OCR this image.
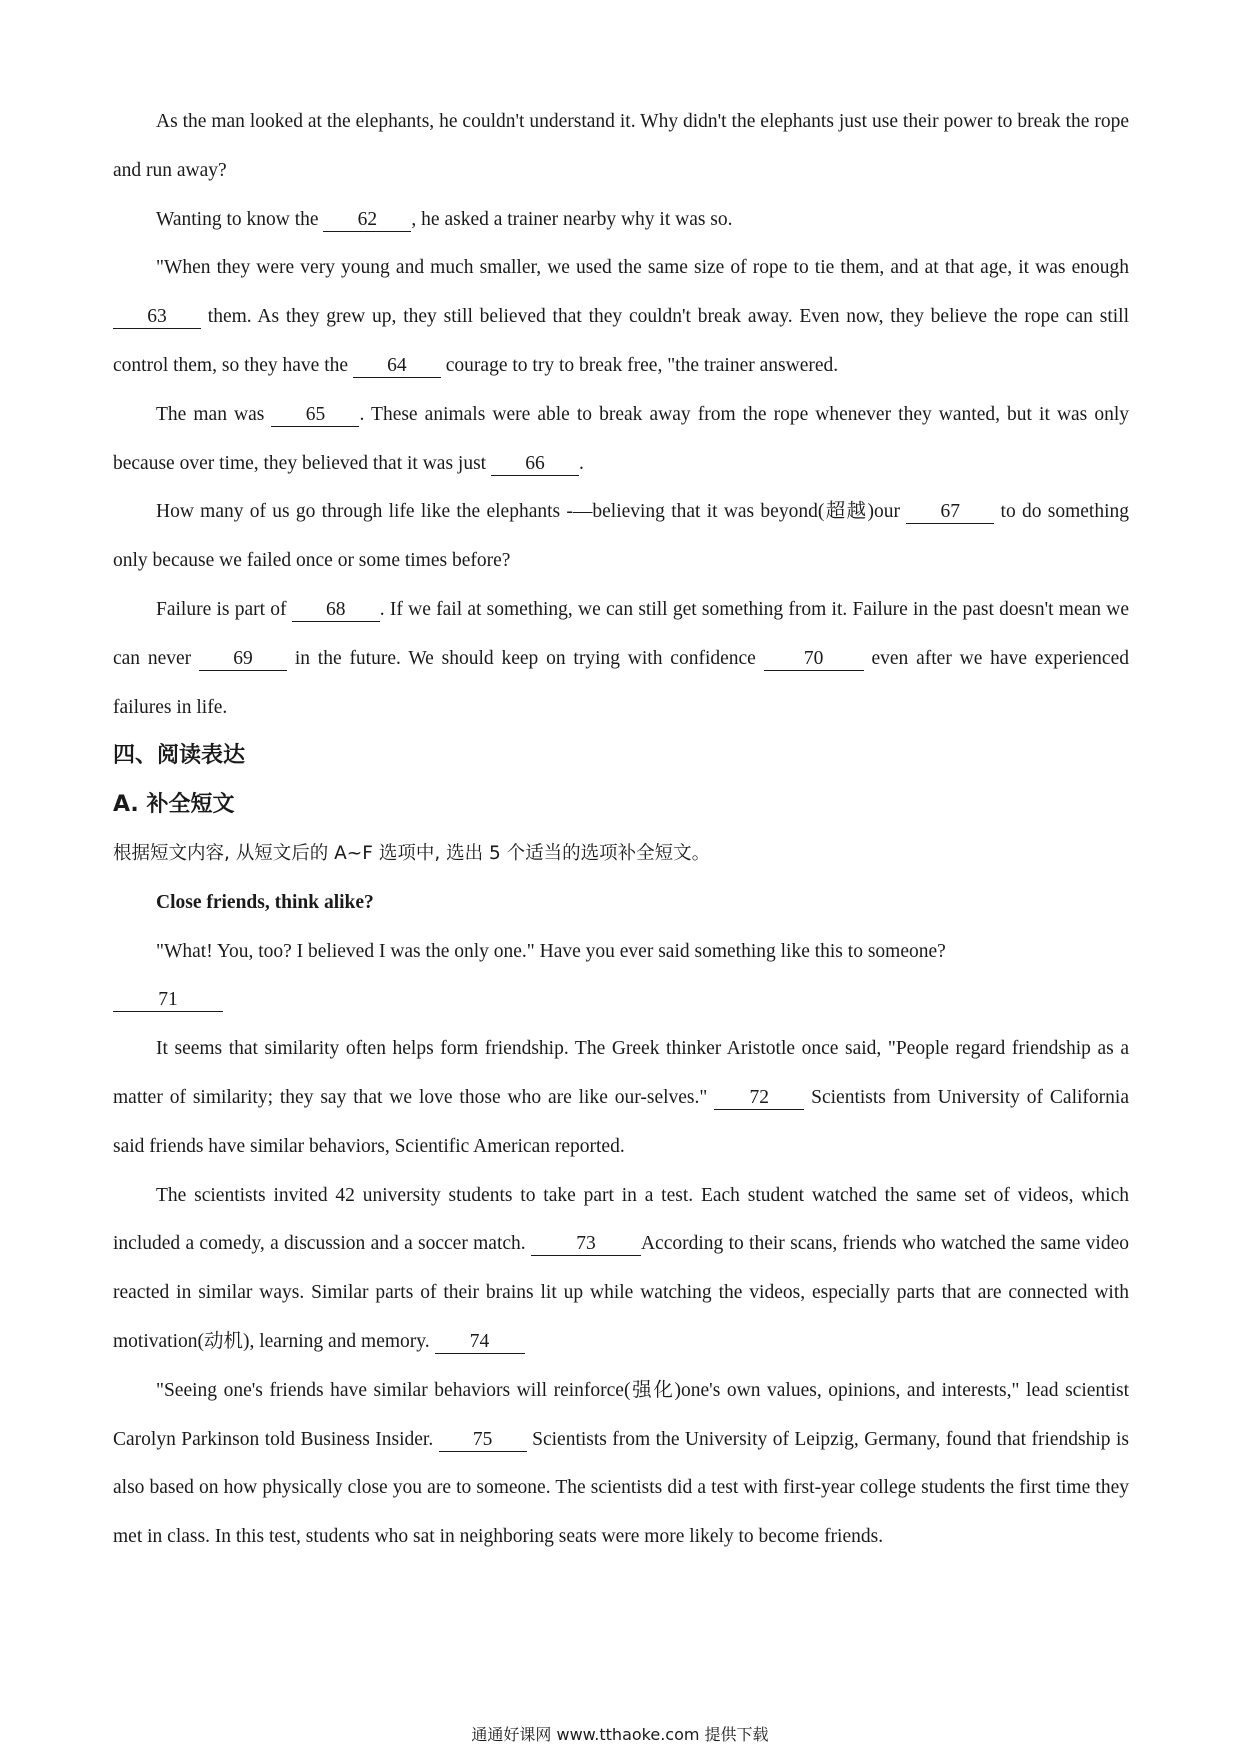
As the man looked at the elephants, he couldn't understand it. Why didn't the elephants just use their power to break the rope and run away?

Wanting to know the 62 , he asked a trainer nearby why it was so.

"When they were very young and much smaller, we used the same size of rope to tie them, and at that age, it was enough 63 them. As they grew up, they still believed that they couldn't break away. Even now, they believe the rope can still control them, so they have the 64 courage to try to break free, "the trainer answered.

The man was 65 . These animals were able to break away from the rope whenever they wanted, but it was only because over time, they believed that it was just 66 .

How many of us go through life like the elephants -—believing that it was beyond(超越)our 67 to do something only because we failed once or some times before?

Failure is part of 68 . If we fail at something, we can still get something from it. Failure in the past doesn't mean we can never 69 in the future. We should keep on trying with confidence 70 even after we have experienced failures in life.

四、阅读表达

A. 补全短文

根据短文内容, 从短文后的 A~F 选项中, 选出 5 个适当的选项补全短文。

Close friends, think alike?

"What! You, too? I believed I was the only one." Have you ever said something like this to someone?

71

It seems that similarity often helps form friendship. The Greek thinker Aristotle once said, "People regard friendship as a matter of similarity; they say that we love those who are like our-selves." 72 Scientists from University of California said friends have similar behaviors, Scientific American reported.

The scientists invited 42 university students to take part in a test. Each student watched the same set of videos, which included a comedy, a discussion and a soccer match. 73 According to their scans, friends who watched the same video reacted in similar ways. Similar parts of their brains lit up while watching the videos, especially parts that are connected with motivation(动机), learning and memory. 74

"Seeing one's friends have similar behaviors will reinforce(强化)one's own values, opinions, and interests," lead scientist Carolyn Parkinson told Business Insider. 75 Scientists from the University of Leipzig, Germany, found that friendship is also based on how physically close you are to someone. The scientists did a test with first-year college students the first time they met in class. In this test, students who sat in neighboring seats were more likely to become friends.

通通好课网 www.tthaoke.com 提供下载
